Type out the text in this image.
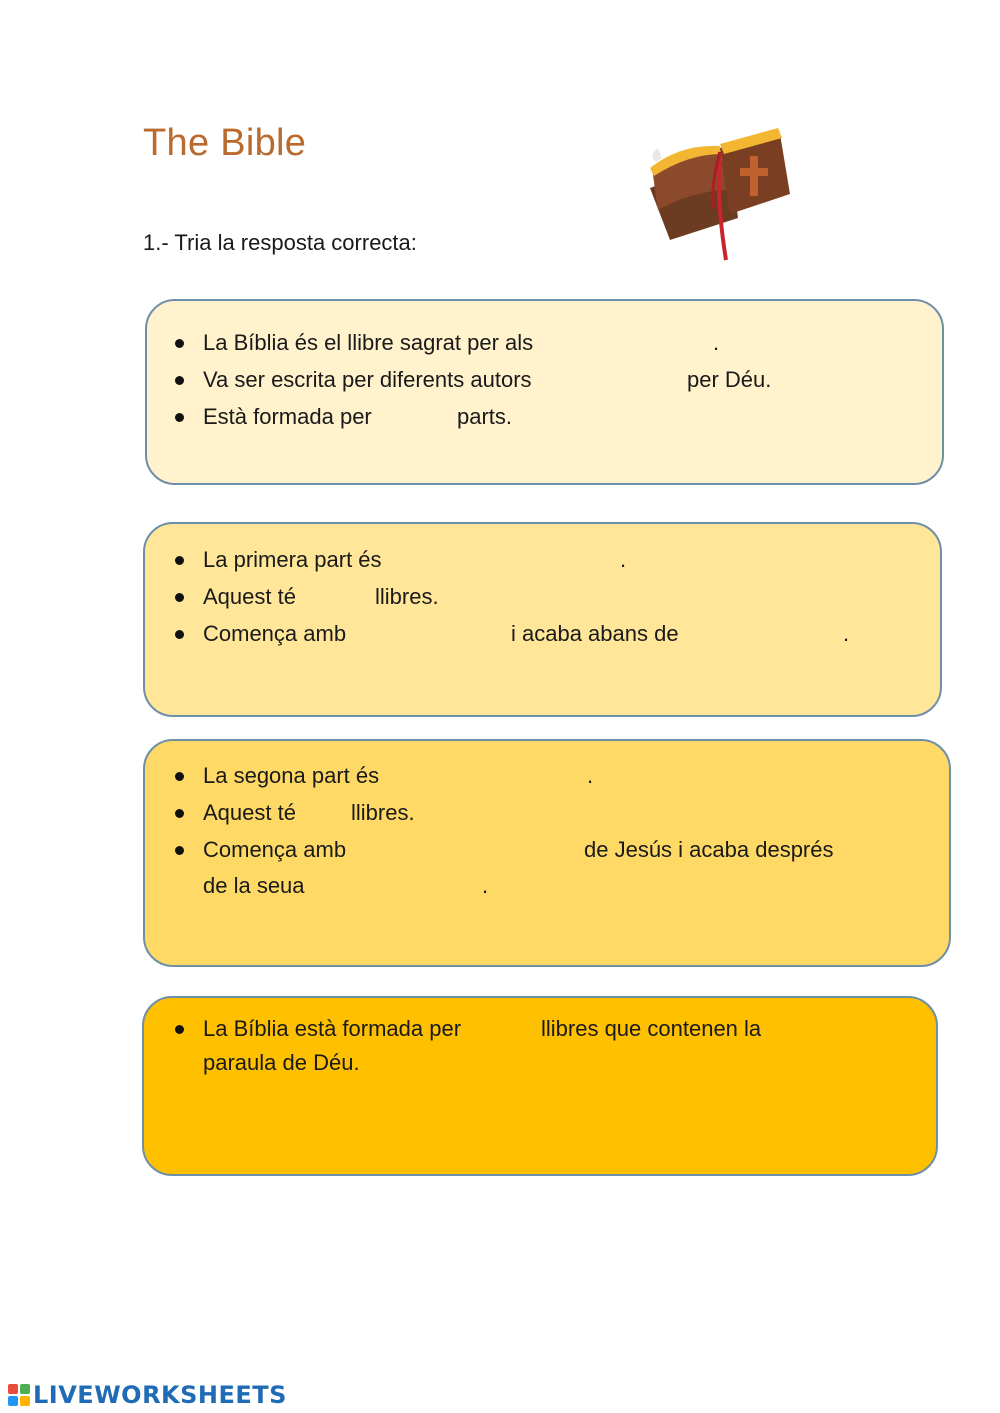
The Bible
1.- Tria la resposta correcta:
La Bíblia és el llibre sagrat per als	.
Va ser escrita per diferents autors	per Déu.
Està formada per	parts.
La primera part és	.
Aquest té	llibres.
Comença amb	i acaba abans de	.
La segona part és	.
Aquest té	llibres.
Comença amb	de Jesús i acaba després
de la seua	.
La Bíblia està formada per	llibres que contenen la
paraula de Déu.
LIVEWORKSHEETS
